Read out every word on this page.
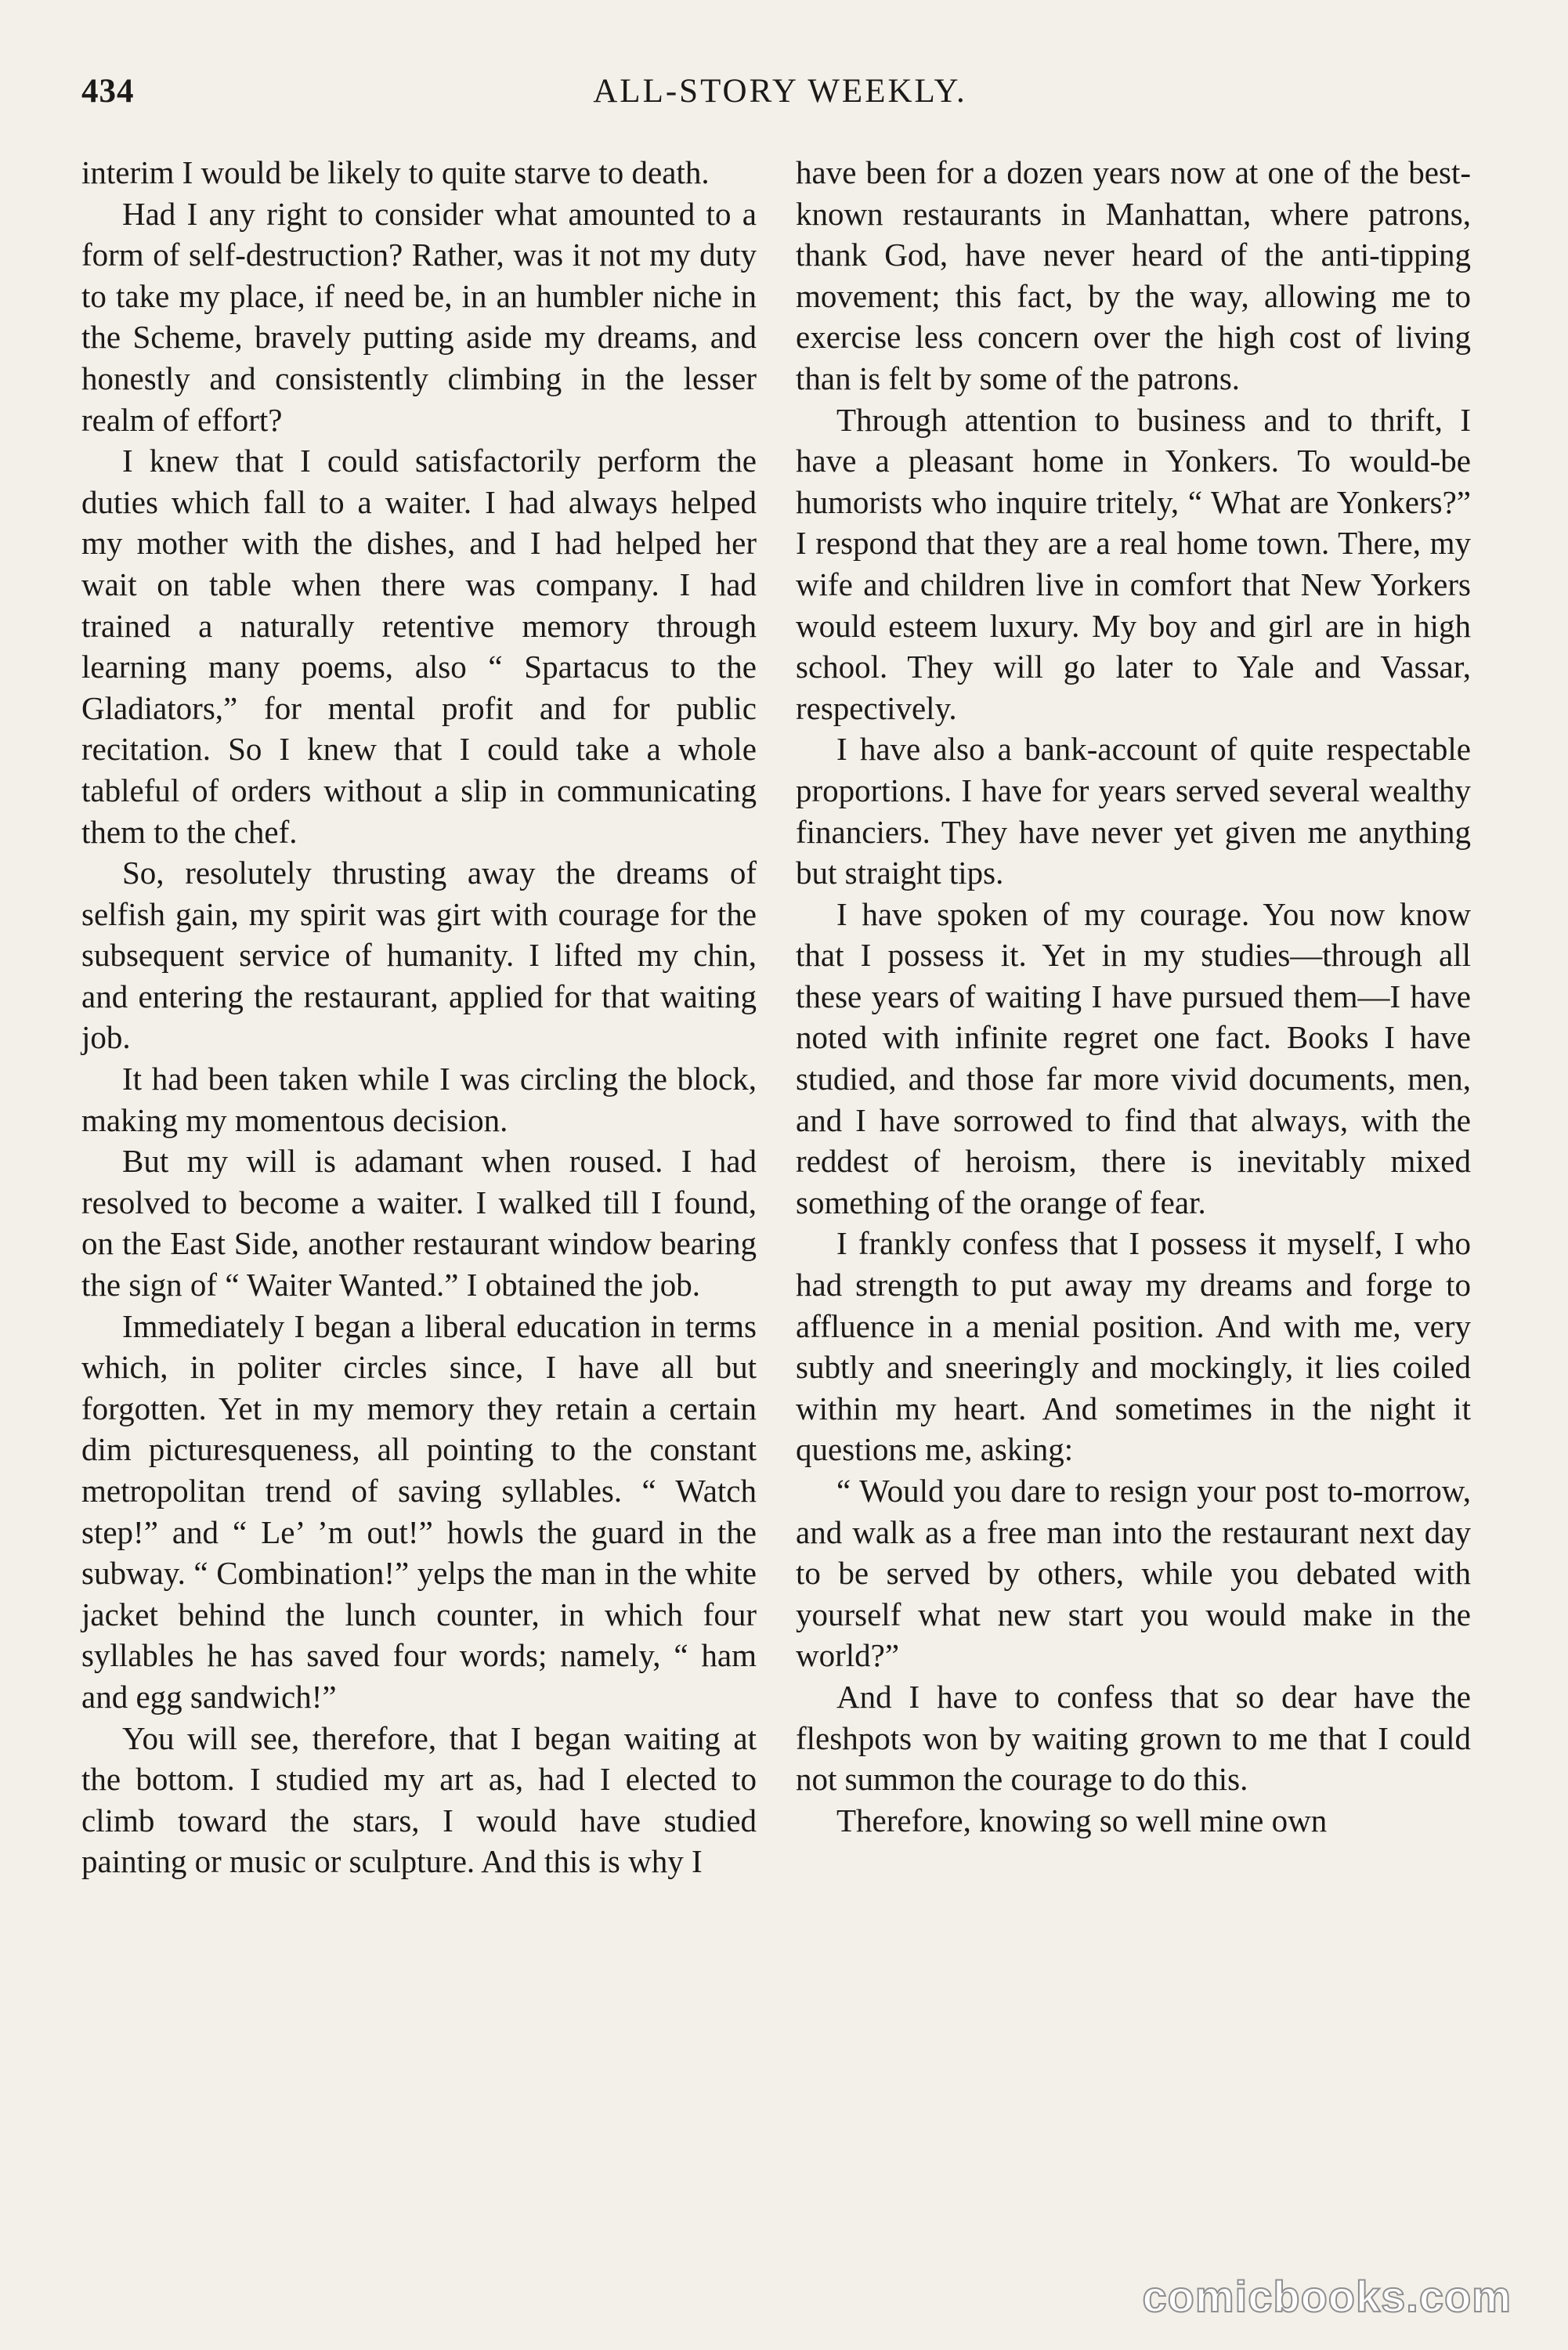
434	ALL-STORY WEEKLY.

interim I would be likely to quite starve to death.

Had I any right to consider what amounted to a form of self-destruction? Rather, was it not my duty to take my place, if need be, in an humbler niche in the Scheme, bravely putting aside my dreams, and honestly and consistently climbing in the lesser realm of effort?

I knew that I could satisfactorily perform the duties which fall to a waiter. I had always helped my mother with the dishes, and I had helped her wait on table when there was company. I had trained a naturally retentive memory through learning many poems, also “ Spartacus to the Gladiators,” for mental profit and for public recitation. So I knew that I could take a whole tableful of orders without a slip in communicating them to the chef.

So, resolutely thrusting away the dreams of selfish gain, my spirit was girt with courage for the subsequent service of humanity. I lifted my chin, and entering the restaurant, applied for that waiting job.

It had been taken while I was circling the block, making my momentous decision.

But my will is adamant when roused. I had resolved to become a waiter. I walked till I found, on the East Side, another restaurant window bearing the sign of “ Waiter Wanted.” I obtained the job.

Immediately I began a liberal education in terms which, in politer circles since, I have all but forgotten. Yet in my memory they retain a certain dim picturesqueness, all pointing to the constant metropolitan trend of saving syllables. “ Watch step!” and “ Le’ ’m out!” howls the guard in the subway. “ Combination!” yelps the man in the white jacket behind the lunch counter, in which four syllables he has saved four words; namely, “ ham and egg sandwich!”

You will see, therefore, that I began waiting at the bottom. I studied my art as, had I elected to climb toward the stars, I would have studied painting or music or sculpture. And this is why I

have been for a dozen years now at one of the best-known restaurants in Manhattan, where patrons, thank God, have never heard of the anti-tipping movement; this fact, by the way, allowing me to exercise less concern over the high cost of living than is felt by some of the patrons.

Through attention to business and to thrift, I have a pleasant home in Yonkers. To would-be humorists who inquire tritely, “ What are Yonkers?” I respond that they are a real home town. There, my wife and children live in comfort that New Yorkers would esteem luxury. My boy and girl are in high school. They will go later to Yale and Vassar, respectively.

I have also a bank-account of quite respectable proportions. I have for years served several wealthy financiers. They have never yet given me anything but straight tips.

I have spoken of my courage. You now know that I possess it. Yet in my studies—through all these years of waiting I have pursued them—I have noted with infinite regret one fact. Books I have studied, and those far more vivid documents, men, and I have sorrowed to find that always, with the reddest of heroism, there is inevitably mixed something of the orange of fear.

I frankly confess that I possess it myself, I who had strength to put away my dreams and forge to affluence in a menial position. And with me, very subtly and sneeringly and mockingly, it lies coiled within my heart. And sometimes in the night it questions me, asking:

“ Would you dare to resign your post to-morrow, and walk as a free man into the restaurant next day to be served by others, while you debated with yourself what new start you would make in the world?”

And I have to confess that so dear have the fleshpots won by waiting grown to me that I could not summon the courage to do this.

Therefore, knowing so well mine own

comicbooks.com
